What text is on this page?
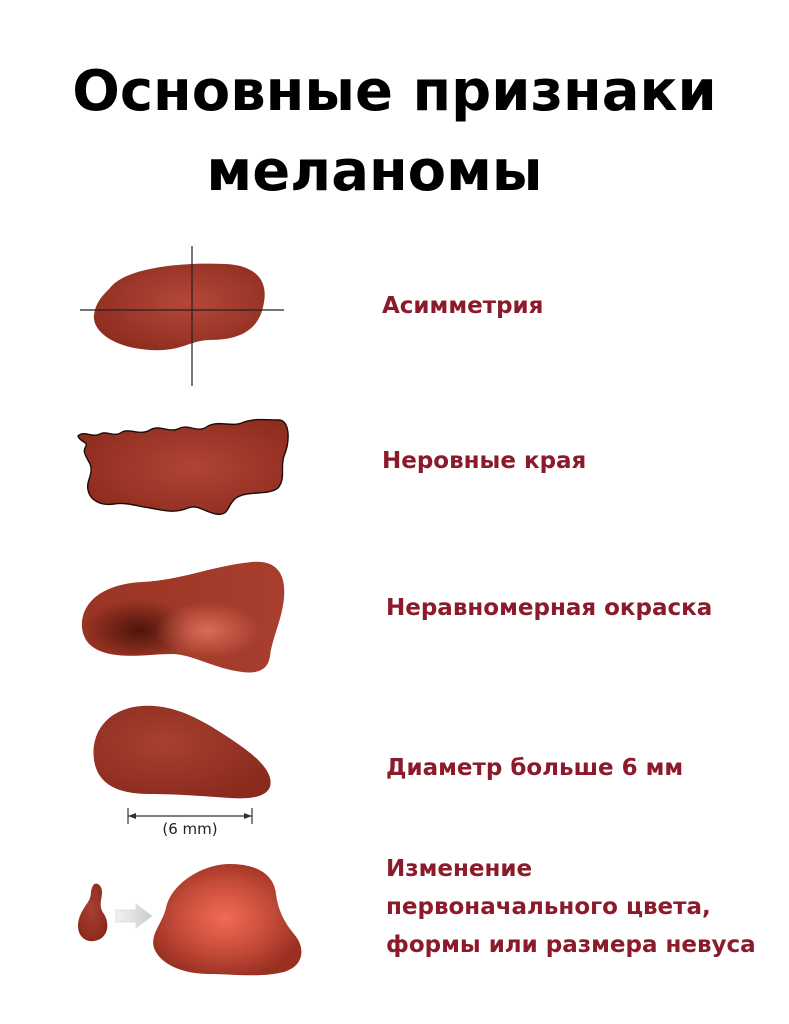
Основные признаки
меланомы
Асимметрия
Неровные края
Неравномерная окраска
(6 mm)
Диаметр больше 6 мм
Изменение первоначального цвета, формы или размера невуса
